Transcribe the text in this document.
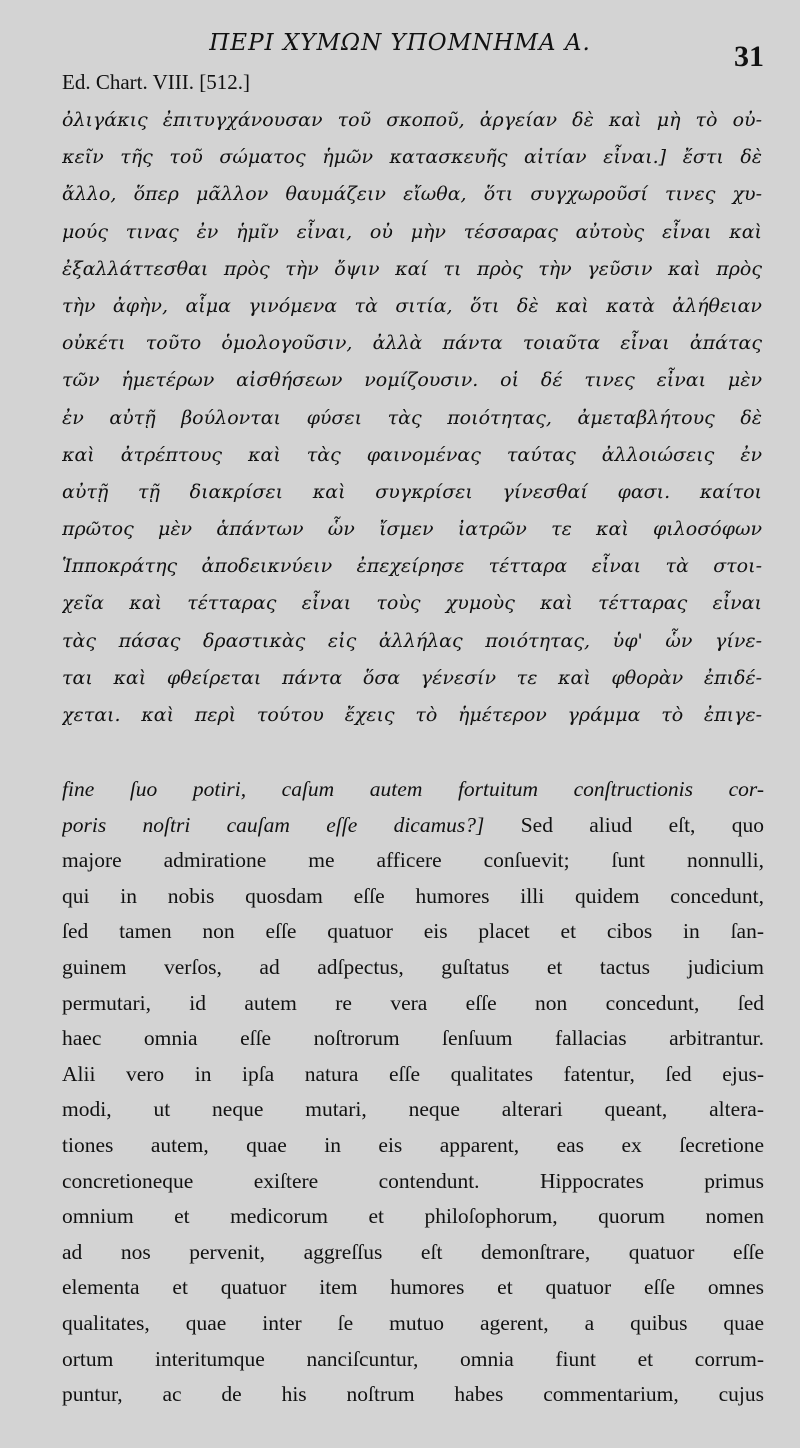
ΠΕΡΙ ΧΥΜΩΝ ΥΠΟΜΝΗΜΑ Α.	31
Ed. Chart. VIII. [512.]
ὀλιγάκις ἐπιτυγχάνουσαν τοῦ σκοποῦ, ἀργείαν δὲ καὶ μὴ τὸ οὐ-
κεῖν τῆς τοῦ σώματος ἡμῶν κατασκευῆς αἰτίαν εἶναι.] ἔστι δὲ
ἄλλο, ὅπερ μᾶλλον θαυμάζειν εἴωθα, ὅτι συγχωροῦσί τινες χυ-
μούς τινας ἐν ἡμῖν εἶναι, οὐ μὴν τέσσαρας αὐτοὺς εἶναι καὶ
ἐξαλλάττεσθαι πρὸς τὴν ὄψιν καί τι πρὸς τὴν γεῦσιν καὶ πρὸς
τὴν ἀφὴν, αἷμα γινόμενα τὰ σιτία, ὅτι δὲ καὶ κατὰ ἀλήθειαν
οὐκέτι τοῦτο ὁμολογοῦσιν, ἀλλὰ πάντα τοιαῦτα εἶναι ἀπάτας
τῶν ἡμετέρων αἰσθήσεων νομίζουσιν. οἱ δέ τινες εἶναι μὲν
ἐν αὐτῇ βούλονται φύσει τὰς ποιότητας, ἀμεταβλήτους δὲ
καὶ ἀτρέπτους καὶ τὰς φαινομένας ταύτας ἀλλοιώσεις ἐν
αὐτῇ τῇ διακρίσει καὶ συγκρίσει γίνεσθαί φασι. καίτοι
πρῶτος μὲν ἁπάντων ὧν ἴσμεν ἰατρῶν τε καὶ φιλοσόφων
Ἱπποκράτης ἀποδεικνύειν ἐπεχείρησε τέτταρα εἶναι τὰ στοι-
χεῖα καὶ τέτταρας εἶναι τοὺς χυμοὺς καὶ τέτταρας εἶναι
τὰς πάσας δραστικὰς εἰς ἀλλήλας ποιότητας, ὑφ' ὧν γίνε-
ται καὶ φθείρεται πάντα ὅσα γένεσίν τε καὶ φθορὰν ἐπιδέ-
χεται. καὶ περὶ τούτου ἔχεις τὸ ἡμέτερον γράμμα τὸ ἐπιγε-
fine ſuo potiri, caſum autem fortuitum conſtructionis cor-
poris noſtri cauſam eſſe dicamus?] Sed aliud eſt, quo
majore admiratione me afficere conſuevit; ſunt nonnulli,
qui in nobis quosdam eſſe humores illi quidem concedunt,
ſed tamen non eſſe quatuor eis placet et cibos in ſan-
guinem verſos, ad adſpectus, guſtatus et tactus judicium
permutari, id autem re vera eſſe non concedunt, ſed
haec omnia eſſe noſtrorum ſenſuum fallacias arbitrantur.
Alii vero in ipſa natura eſſe qualitates fatentur, ſed ejus-
modi, ut neque mutari, neque alterari queant, altera-
tiones autem, quae in eis apparent, eas ex ſecretione
concretioneque exiſtere contendunt. Hippocrates primus
omnium et medicorum et philoſophorum, quorum nomen
ad nos pervenit, aggreſſus eſt demonſtrare, quatuor eſſe
elementa et quatuor item humores et quatuor eſſe omnes
qualitates, quae inter ſe mutuo agerent, a quibus quae
ortum interitumque nanciſcuntur, omnia fiunt et corrum-
puntur, ac de his noſtrum habes commentarium, cujus
